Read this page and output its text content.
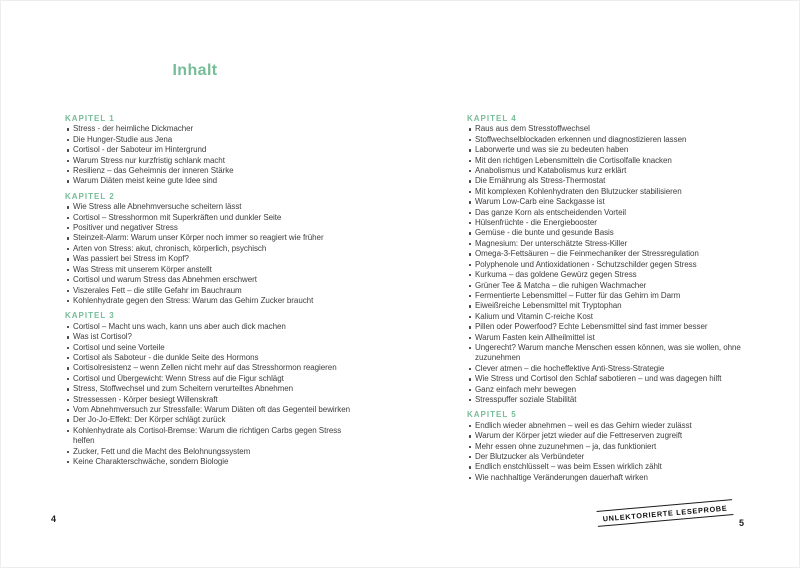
Inhalt
KAPITEL 1
Stress - der heimliche Dickmacher
Die Hunger-Studie aus Jena
Cortisol - der Saboteur im Hintergrund
Warum Stress nur kurzfristig schlank macht
Resilienz – das Geheimnis der inneren Stärke
Warum Diäten meist keine gute Idee sind
KAPITEL 2
Wie Stress alle Abnehmversuche scheitern lässt
Cortisol – Stresshormon mit Superkräften und dunkler Seite
Positiver und negativer Stress
Steinzeit-Alarm: Warum unser Körper noch immer so reagiert wie früher
Arten von Stress: akut, chronisch, körperlich, psychisch
Was passiert bei Stress im Kopf?
Was Stress mit unserem Körper anstellt
Cortisol und warum Stress das Abnehmen erschwert
Viszerales Fett – die stille Gefahr im Bauchraum
Kohlenhydrate gegen den Stress: Warum das Gehirn Zucker braucht
KAPITEL 3
Cortisol – Macht uns wach, kann uns aber auch dick machen
Was ist Cortisol?
Cortisol und seine Vorteile
Cortisol als Saboteur - die dunkle Seite des Hormons
Cortisolresistenz – wenn Zellen nicht mehr auf das Stresshormon reagieren
Cortisol und Übergewicht: Wenn Stress auf die Figur schlägt
Stress, Stoffwechsel und zum Scheitern verurteiltes Abnehmen
Stressessen - Körper besiegt Willenskraft
Vom Abnehmversuch zur Stressfalle: Warum Diäten oft das Gegenteil bewirken
Der Jo-Jo-Effekt: Der Körper schlägt zurück
Kohlenhydrate als Cortisol-Bremse: Warum die richtigen Carbs gegen Stress helfen
Zucker, Fett und die Macht des Belohnungssystem
Keine Charakterschwäche, sondern Biologie
KAPITEL 4
Raus aus dem Stresstoffwechsel
Stoffwechselblockaden erkennen und diagnostizieren lassen
Laborwerte und was sie zu bedeuten haben
Mit den richtigen Lebensmitteln die Cortisolfalle knacken
Anabolismus und Katabolismus kurz erklärt
Die Ernährung als Stress-Thermostat
Mit komplexen Kohlenhydraten den Blutzucker stabilisieren
Warum Low-Carb eine Sackgasse ist
Das ganze Korn als entscheidenden Vorteil
Hülsenfrüchte - die Energiebooster
Gemüse - die bunte und gesunde Basis
Magnesium: Der unterschätzte Stress-Killer
Omega-3-Fettsäuren – die Feinmechaniker der Stressregulation
Polyphenole und Antioxidationen - Schutzschilder gegen Stress
Kurkuma – das goldene Gewürz gegen Stress
Grüner Tee & Matcha – die ruhigen Wachmacher
Fermentierte Lebensmittel – Futter für das Gehirn im Darm
Eiweißreiche Lebensmittel mit Tryptophan
Kalium und Vitamin C-reiche Kost
Pillen oder Powerfood? Echte Lebensmittel sind fast immer besser
Warum Fasten kein Allheilmittel ist
Ungerecht? Warum manche Menschen essen können, was sie wollen, ohne zuzunehmen
Clever atmen – die hocheffektive Anti-Stress-Strategie
Wie Stress und Cortisol den Schlaf sabotieren – und was dagegen hilft
Ganz einfach mehr bewegen
Stresspuffer soziale Stabilität
KAPITEL 5
Endlich wieder abnehmen – weil es das Gehirn wieder zulässt
Warum der Körper jetzt wieder auf die Fettreserven zugreift
Mehr essen ohne zuzunehmen – ja, das funktioniert
Der Blutzucker als Verbündeter
Endlich enstchlüsselt – was beim Essen wirklich zählt
Wie nachhaltige Veränderungen dauerhaft wirken
4	UNLEKTORIERTE LESEPROBE
5
